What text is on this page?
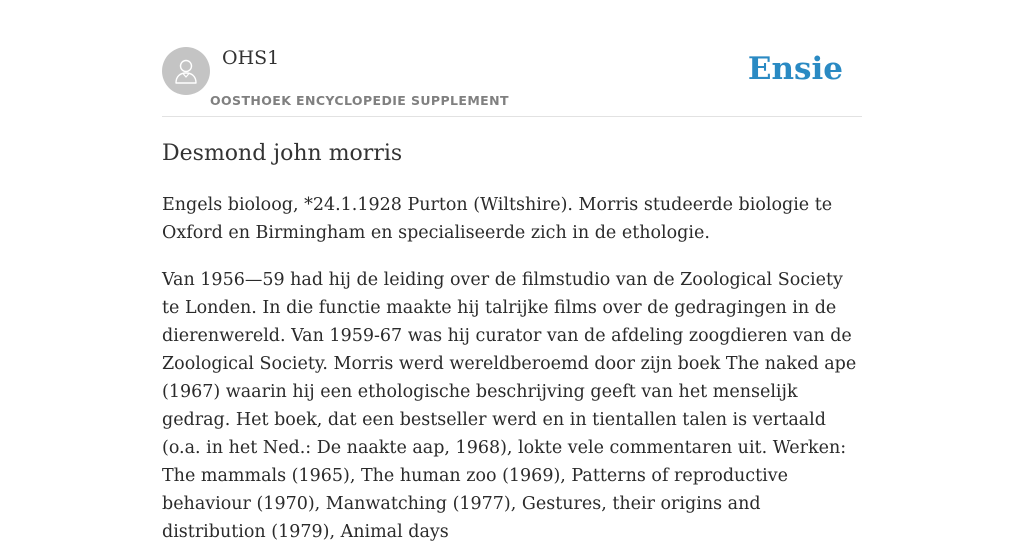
OHS1
OOSTHOEK ENCYCLOPEDIE SUPPLEMENT
Ensie
Desmond john morris

Engels bioloog, *24.1.1928 Purton (Wiltshire). Morris studeerde biologie te Oxford en Birmingham en specialiseerde zich in de ethologie.

Van 1956—59 had hij de leiding over de filmstudio van de Zoological Society te Londen. In die functie maakte hij talrijke films over de gedragingen in de dierenwereld. Van 1959-67 was hij curator van de afdeling zoogdieren van de Zoological Society. Morris werd wereldberoemd door zijn boek The naked ape (1967) waarin hij een ethologische beschrijving geeft van het menselijk gedrag. Het boek, dat een bestseller werd en in tientallen talen is vertaald (o.a. in het Ned.: De naakte aap, 1968), lokte vele commentaren uit. Werken: The mammals (1965), The human zoo (1969), Patterns of reproductive behaviour (1970), Manwatching (1977), Gestures, their origins and distribution (1979), Animal days
